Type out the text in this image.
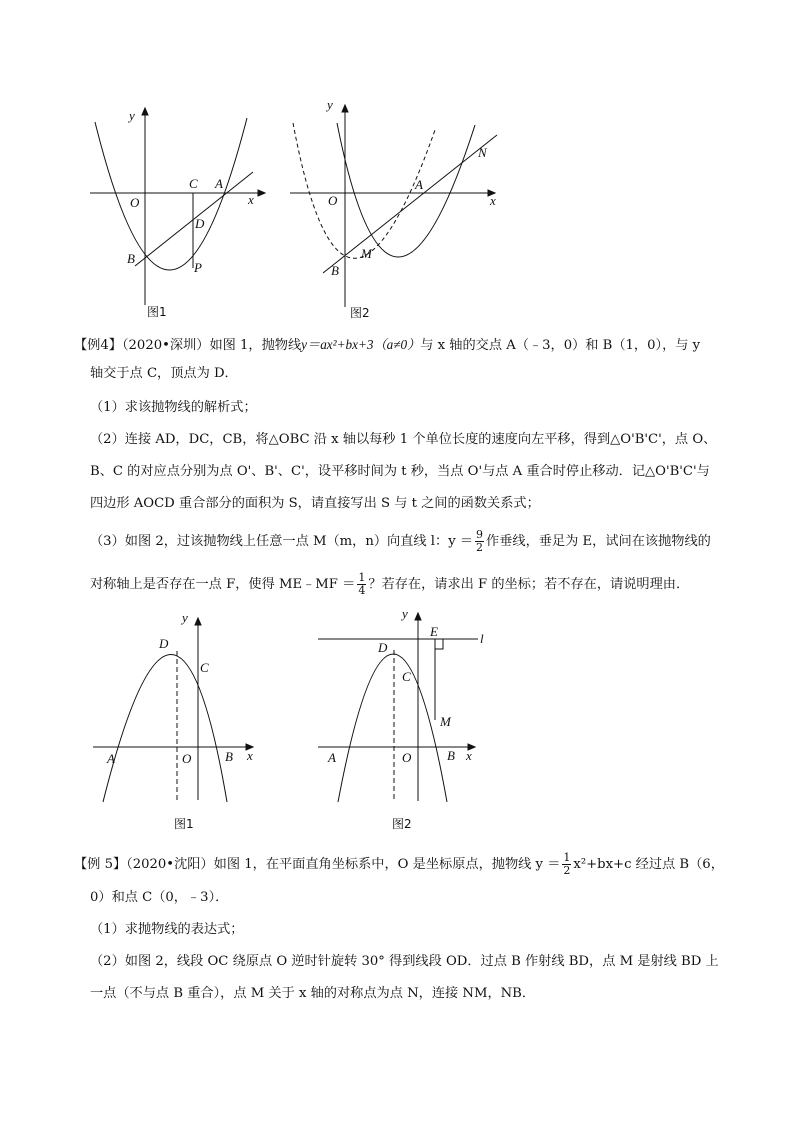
y
x
O
C A
D
B
P
图1
y
x
O
A
N
M
B
图2
【例4】（2020•深圳）如图 1，抛物线y＝ax²+bx+3（a≠0）与 x 轴的交点 A（﹣3，0）和 B（1，0），与 y
轴交于点 C，顶点为 D．
（1）求该抛物线的解析式；
（2）连接 AD，DC，CB，将△OBC 沿 x 轴以每秒 1 个单位长度的速度向左平移，得到△O'B'C'，点 O、
B、C 的对应点分别为点 O'、B'、C'，设平移时间为 t 秒，当点 O'与点 A 重合时停止移动．记△O'B'C'与
四边形 AOCD 重合部分的面积为 S，请直接写出 S 与 t 之间的函数关系式；
（3）如图 2，过该抛物线上任意一点 M（m，n）向直线 l：$y = \frac{9}{2}$ 作垂线，垂足为 E，试问在该抛物线的
对称轴上是否存在一点 F，使得 ME﹣MF ＝ $\frac{1}{4}$ ？若存在，请求出 F 的坐标；若不存在，请说明理由．
y
x
D
C
A	O	B
图1
y
x
E	l
D
C
M
A	O	B
图2
【例 5】（2020•沈阳）如图 1，在平面直角坐标系中，O 是坐标原点，抛物线 $y = \frac{1}{2} x^2+bx+c$ 经过点 B（6，
0）和点 C（0，﹣3）．
（1）求抛物线的表达式；
（2）如图 2，线段 OC 绕原点 O 逆时针旋转 30° 得到线段 OD．过点 B 作射线 BD，点 M 是射线 BD 上
一点（不与点 B 重合），点 M 关于 x 轴的对称点为点 N，连接 NM，NB．
